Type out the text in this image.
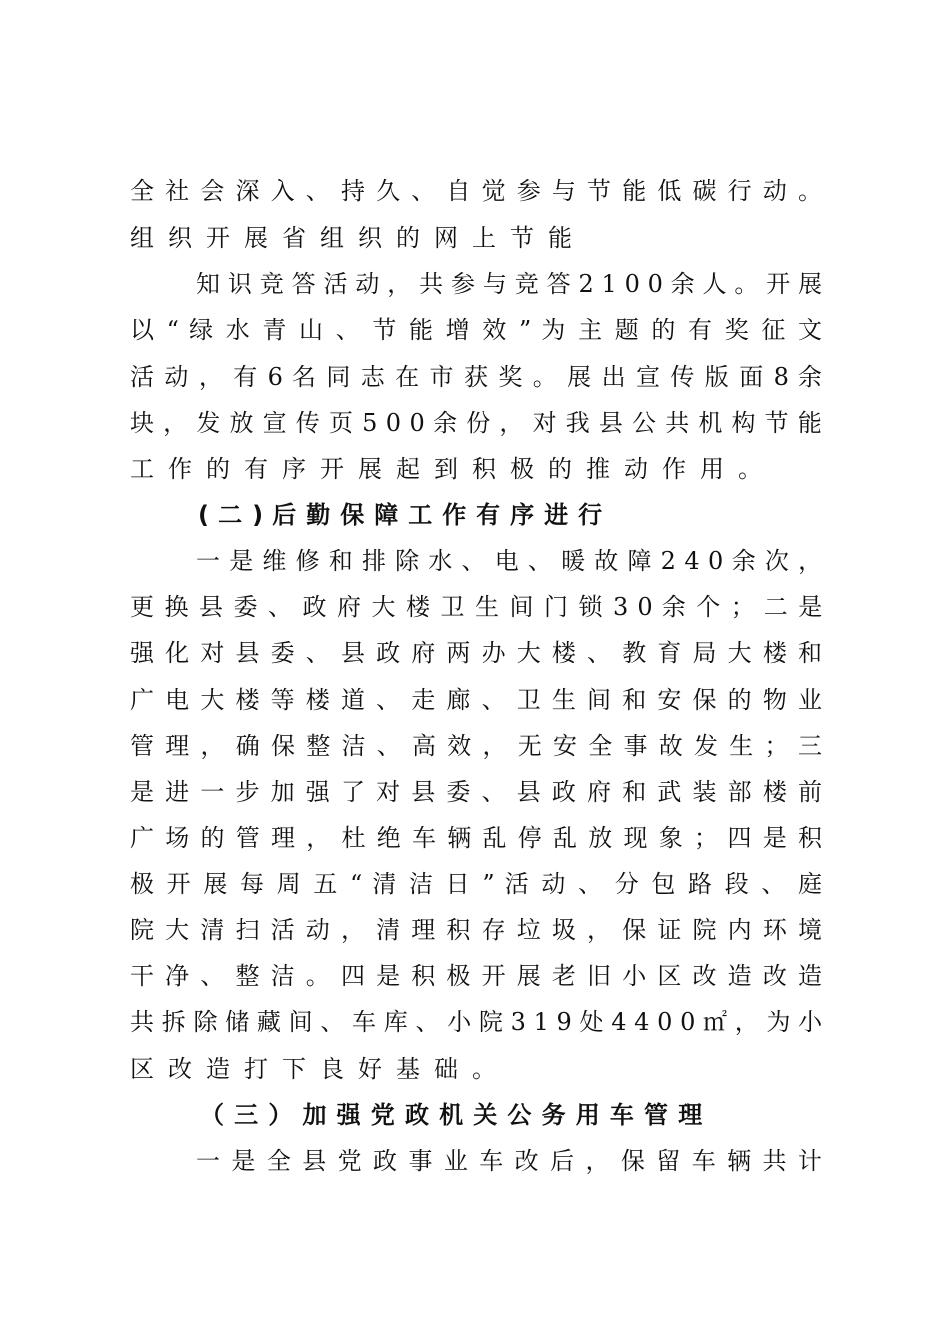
全 社 会 深 入 、 持 久 、 自 觉 参 与 节 能 低 碳 行 动 。
组织开展省组织的网上节能
知 识 竞 答 活 动 ， 共 参 与 竞 答 2 1 0 0 余 人 。 开 展
以 “ 绿 水 青 山 、 节 能 增 效 ” 为 主 题 的 有 奖 征 文
活 动 ， 有 6 名 同 志 在 市 获 奖 。 展 出 宣 传 版 面 8 余
块 ， 发 放 宣 传 页 5 0 0 余 份 ， 对 我 县 公 共 机 构 节 能
工作的有序开展起到积极的推动作用。
( 二 ) 后 勤 保 障 工 作 有 序 进 行
一 是 维 修 和 排 除 水 、 电 、 暖 故 障 2 4 0 余 次 ，
更 换 县 委 、 政 府 大 楼 卫 生 间 门 锁 3 0 余 个 ； 二 是
强 化 对 县 委 、 县 政 府 两 办 大 楼 、 教 育 局 大 楼 和
广 电 大 楼 等 楼 道 、 走 廊 、 卫 生 间 和 安 保 的 物 业
管 理 ， 确 保 整 洁 、 高 效 ， 无 安 全 事 故 发 生 ； 三
是 进 一 步 加 强 了 对 县 委 、 县 政 府 和 武 装 部 楼 前
广 场 的 管 理 ， 杜 绝 车 辆 乱 停 乱 放 现 象 ； 四 是 积
极 开 展 每 周 五 “ 清 洁 日 ” 活 动 、 分 包 路 段 、 庭
院 大 清 扫 活 动 ， 清 理 积 存 垃 圾 ， 保 证 院 内 环 境
干 净 、 整 洁 。 四 是 积 极 开 展 老 旧 小 区 改 造 改 造
共 拆 除 储 藏 间 、 车 库 、 小 院 3 1 9 处 4 4 0 0 ㎡ ， 为 小
区改造打下良好基础。
（ 三 ） 加 强 党 政 机 关 公 务 用 车 管 理
一 是 全 县 党 政 事 业 车 改 后 ， 保 留 车 辆 共 计
